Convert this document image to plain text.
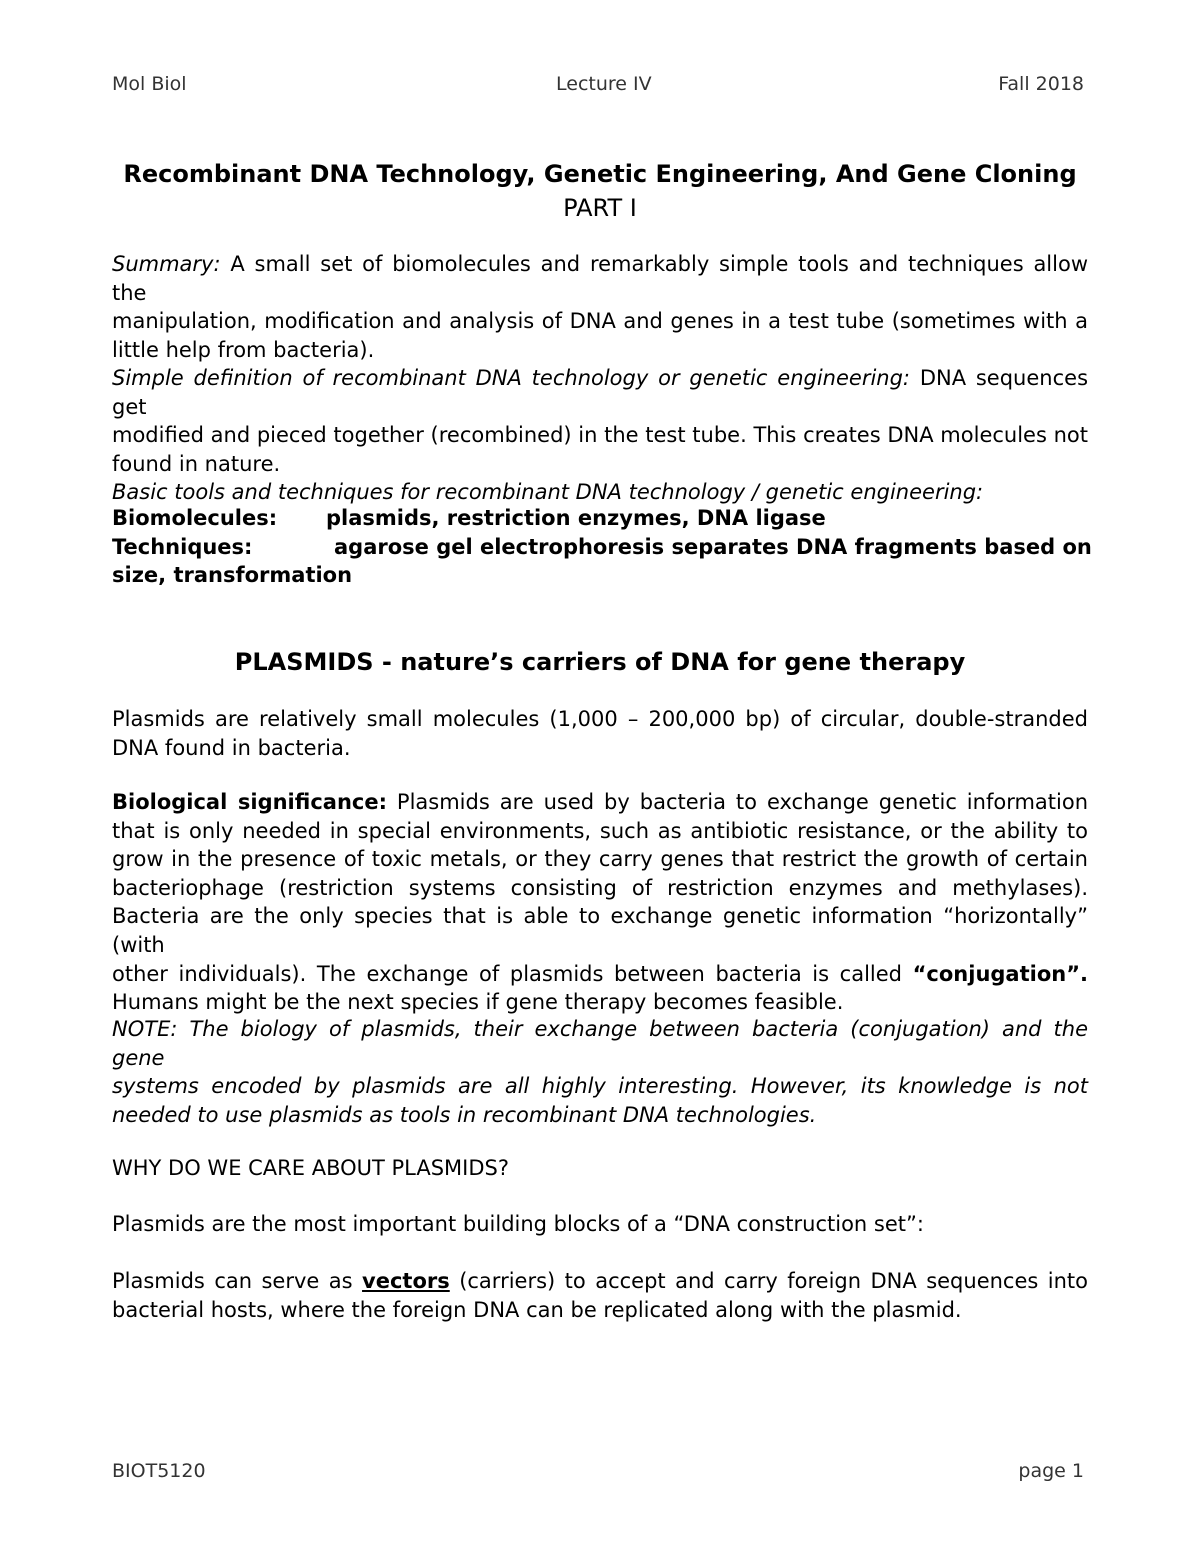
Mol Biol	Lecture IV	Fall 2018
Recombinant DNA Technology, Genetic Engineering, And Gene Cloning
PART I
Summary: A small set of biomolecules and remarkably simple tools and techniques allow the
manipulation, modification and analysis of DNA and genes in a test tube (sometimes with a
little help from bacteria).
Simple definition of recombinant DNA technology or genetic engineering: DNA sequences get
modified and pieced together (recombined) in the test tube. This creates DNA molecules not
found in nature.
Basic tools and techniques for recombinant DNA technology / genetic engineering:
Biomolecules: plasmids, restriction enzymes, DNA ligase
Techniques:	agarose gel electrophoresis separates DNA fragments based on
size, transformation
PLASMIDS - nature’s carriers of DNA for gene therapy
Plasmids are relatively small molecules (1,000 – 200,000 bp) of circular, double-stranded
DNA found in bacteria.
Biological significance: Plasmids are used by bacteria to exchange genetic information
that is only needed in special environments, such as antibiotic resistance, or the ability to
grow in the presence of toxic metals, or they carry genes that restrict the growth of certain
bacteriophage (restriction systems consisting of restriction enzymes and methylases).
Bacteria are the only species that is able to exchange genetic information “horizontally” (with
other individuals). The exchange of plasmids between bacteria is called “conjugation”.
Humans might be the next species if gene therapy becomes feasible.
NOTE: The biology of plasmids, their exchange between bacteria (conjugation) and the gene
systems encoded by plasmids are all highly interesting. However, its knowledge is not
needed to use plasmids as tools in recombinant DNA technologies.
WHY DO WE CARE ABOUT PLASMIDS?
Plasmids are the most important building blocks of a “DNA construction set”:
Plasmids can serve as vectors (carriers) to accept and carry foreign DNA sequences into
bacterial hosts, where the foreign DNA can be replicated along with the plasmid.
BIOT5120	page 1
